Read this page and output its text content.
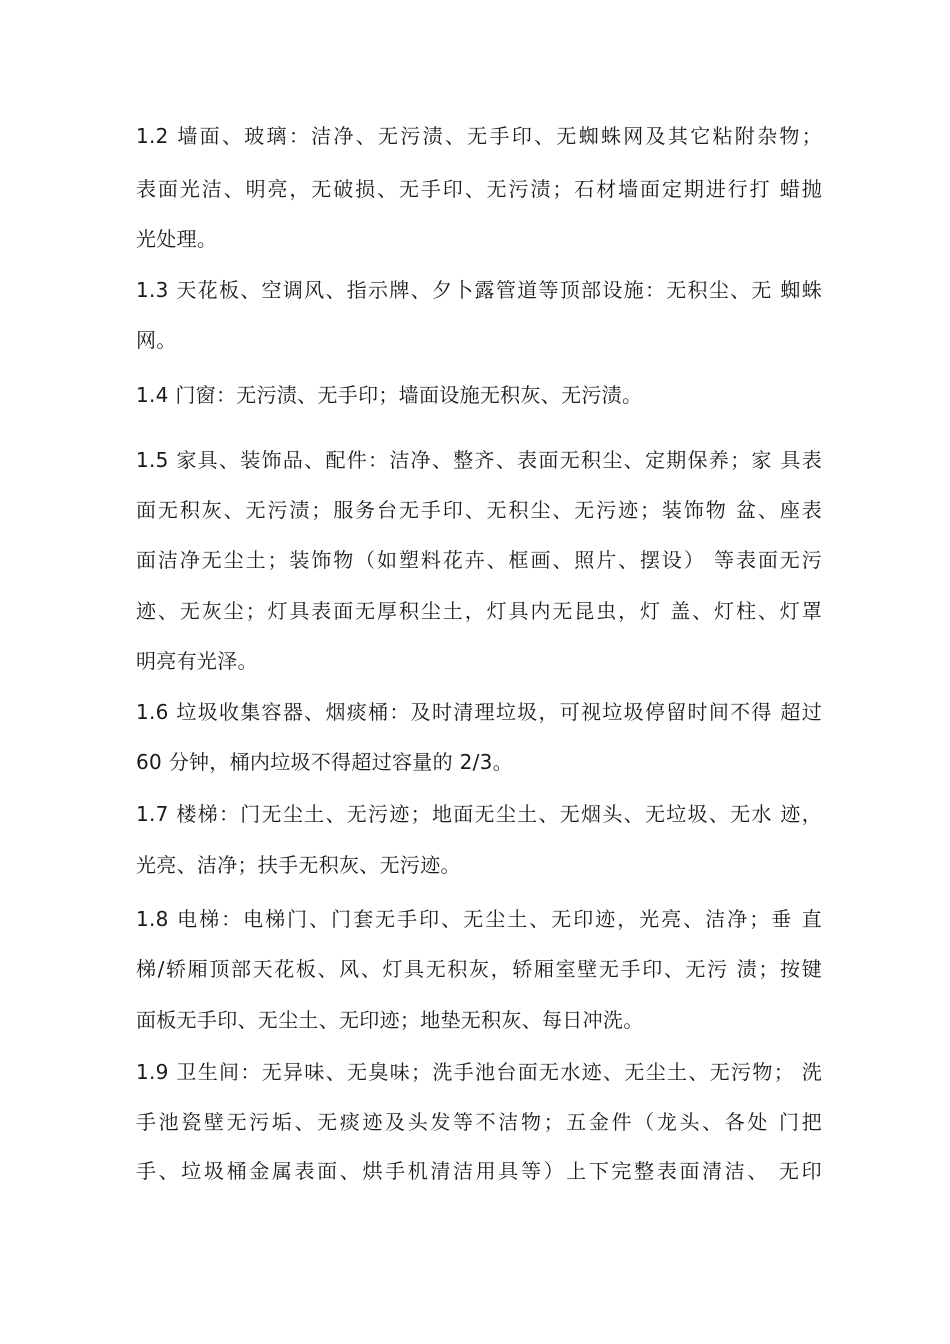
1.2 墙面、玻璃：洁净、无污渍、无手印、无蜘蛛网及其它粘附杂物；
表面光洁、明亮，无破损、无手印、无污渍；石材墙面定期进行打 蜡抛
光处理。
1.3 天花板、空调风、指示牌、夕卜露管道等顶部设施：无积尘、无 蜘蛛
网。
1.4 门窗：无污渍、无手印；墙面设施无积灰、无污渍。
1.5 家具、装饰品、配件：洁净、整齐、表面无积尘、定期保养；家 具表
面无积灰、无污渍；服务台无手印、无积尘、无污迹；装饰物 盆、座表
面洁净无尘土；装饰物（如塑料花卉、框画、照片、摆设） 等表面无污
迹、无灰尘；灯具表面无厚积尘土，灯具内无昆虫，灯 盖、灯柱、灯罩
明亮有光泽。
1.6 垃圾收集容器、烟痰桶：及时清理垃圾，可视垃圾停留时间不得 超过
60 分钟，桶内垃圾不得超过容量的 2/3。
1.7 楼梯：门无尘土、无污迹；地面无尘土、无烟头、无垃圾、无水 迹，
光亮、洁净；扶手无积灰、无污迹。
1.8 电梯：电梯门、门套无手印、无尘土、无印迹，光亮、洁净；垂 直
梯/轿厢顶部天花板、风、灯具无积灰，轿厢室壁无手印、无污 渍；按键
面板无手印、无尘土、无印迹；地垫无积灰、每日冲洗。
1.9 卫生间：无异味、无臭味；洗手池台面无水迹、无尘土、无污物； 洗
手池瓷壁无污垢、无痰迹及头发等不洁物；五金件（龙头、各处 门把
手、垃圾桶金属表面、烘手机清洁用具等）上下完整表面清洁、 无印
